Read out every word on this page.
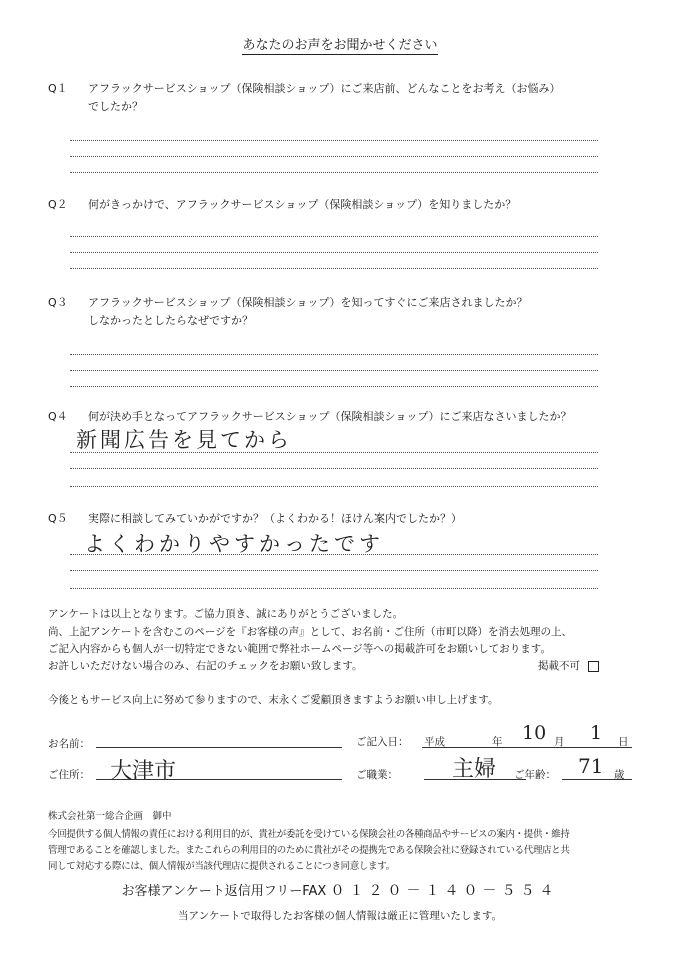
あなたのお声をお聞かせください
Q１ アフラックサービスショップ（保険相談ショップ）にご来店前、どんなことをお考え（お悩み）
でしたか？
Q２ 何がきっかけで、アフラックサービスショップ（保険相談ショップ）を知りましたか？
Q３ アフラックサービスショップ（保険相談ショップ）を知ってすぐにご来店されましたか？
しなかったとしたらなぜですか？
Q４ 何が決め手となってアフラックサービスショップ（保険相談ショップ）にご来店なさいましたか？
新聞広告を見てから
Q５ 実際に相談してみていかがですか？（よくわかる！ほけん案内でしたか？）
よくわかりやすかったです
アンケートは以上となります。ご協力頂き、誠にありがとうございました。
尚、上記アンケートを含むこのページを『お客様の声』として、お名前・ご住所（市町以降）を消去処理の上、
ご記入内容からも個人が一切特定できない範囲で弊社ホームページ等への掲載許可をお願いしております。
お許しいただけない場合のみ、右記のチェックをお願い致します。	掲載不可
今後ともサービス向上に努めて参りますので、末永くご愛顧頂きますようお願い申し上げます。
お名前：	ご記入日： 平成	年 10 月 1 日
ご住所： 大津市	ご職業： 主婦 ご年齢： 71 歳
株式会社第一総合企画　御中
今回提供する個人情報の責任における利用目的が、貴社が委託を受けている保険会社の各種商品やサービスの案内・提供・維持
管理であることを確認しました。またこれらの利用目的のために貴社がその提携先である保険会社に登録されている代理店と共
同して対応する際には、個人情報が当該代理店に提供されることにつき同意します。
お客様アンケート返信用フリーFAX ０１２０－１４０－５５４
当アンケートで取得したお客様の個人情報は厳正に管理いたします。
